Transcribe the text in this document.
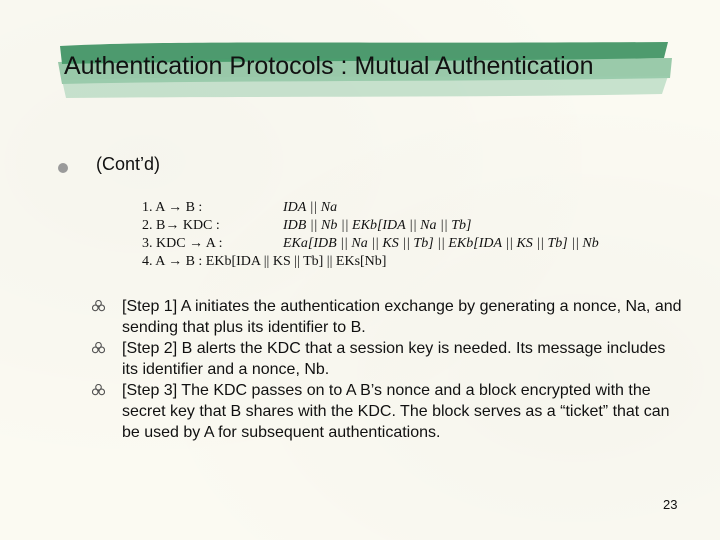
Authentication Protocols : Mutual Authentication
(Cont’d)
1. A → B :	IDA || Na
2. B→ KDC :	IDB || Nb || EKb[IDA || Na || Tb]
3. KDC → A :	EKa[IDB || Na || KS || Tb] || EKb[IDA || KS || Tb] || Nb
4. A → B : EKb[IDA || KS || Tb] || EKs[Nb]
[Step 1] A initiates the authentication exchange by generating a nonce, Na, and sending that plus its identifier to B.
[Step 2] B alerts the KDC that a session key is needed. Its message includes its identifier and a nonce, Nb.
[Step 3] The KDC passes on to A B’s nonce and a block encrypted with the secret key that B shares with the KDC. The block serves as a “ticket” that can be used by A for subsequent authentications.
23
